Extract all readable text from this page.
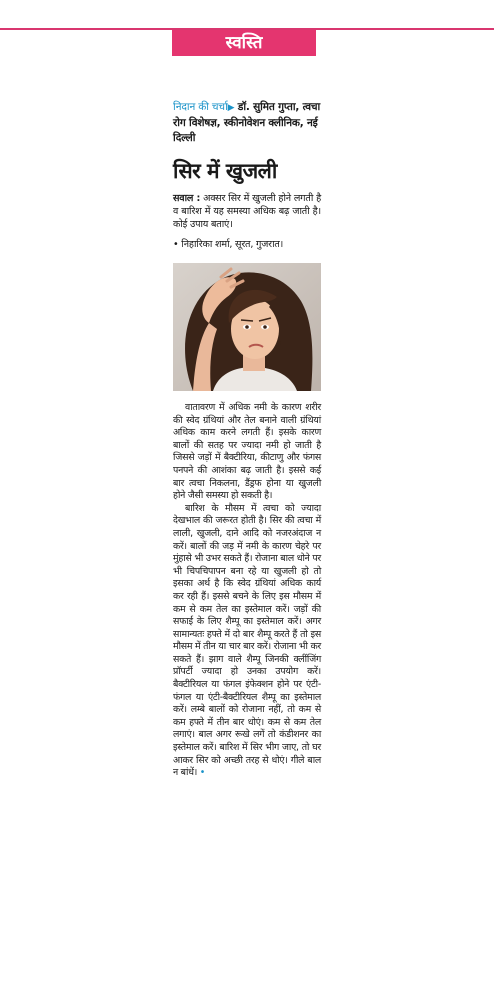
स्वस्ति
निदान की चर्चा▶ डॉ. सुमित गुप्ता, त्वचा रोग विशेषज्ञ, स्कीनोवेशन क्लीनिक, नई दिल्ली
सिर में खुजली
सवाल : अक्सर सिर में खुजली होने लगती है व बारिश में यह समस्या अधिक बढ़ जाती है। कोई उपाय बताएं।
• निहारिका शर्मा, सूरत, गुजरात।

वातावरण में अधिक नमी के कारण शरीर की स्वेद ग्रंथियां और तेल बनाने वाली ग्रंथियां अधिक काम करने लगती हैं। इसके कारण बालों की सतह पर ज्यादा नमी हो जाती है जिससे जड़ों में बैक्टीरिया, कीटाणु और फंगस पनपने की आशंका बढ़ जाती है। इससे कई बार त्वचा निकलना, डैंड्रफ होना या खुजली होने जैसी समस्या हो सकती है।

बारिश के मौसम में त्वचा को ज्यादा देखभाल की जरूरत होती है। सिर की त्वचा में लाली, खुजली, दाने आदि को नजरअंदाज न करें। बालों की जड़ में नमी के कारण चेहरे पर मुंहासे भी उभर सकते हैं। रोजाना बाल धोने पर भी चिपचिपापन बना रहे या खुजली हो तो इसका अर्थ है कि स्वेद ग्रंथियां अधिक कार्य कर रही हैं। इससे बचने के लिए इस मौसम में कम से कम तेल का इस्तेमाल करें। जड़ों की सफाई के लिए शैम्पू का इस्तेमाल करें। अगर सामान्यतः हफ्ते में दो बार शैम्पू करते हैं तो इस मौसम में तीन या चार बार करें। रोजाना भी कर सकते हैं। झाग वाले शैम्पू जिनकी क्लींजिंग प्रॉपर्टी ज्यादा हो उनका उपयोग करें। बैक्टीरियल या फंगल इंफेक्शन होने पर एंटी-फंगल या एंटी-बैक्टीरियल शैम्पू का इस्तेमाल करें। लम्बे बालों को रोजाना नहीं, तो कम से कम हफ्ते में तीन बार धोएं। कम से कम तेल लगाएं। बाल अगर रूखे लगें तो कंडीशनर का इस्तेमाल करें। बारिश में सिर भीग जाए, तो घर आकर सिर को अच्छी तरह से धोएं। गीले बाल न बांधें। •
